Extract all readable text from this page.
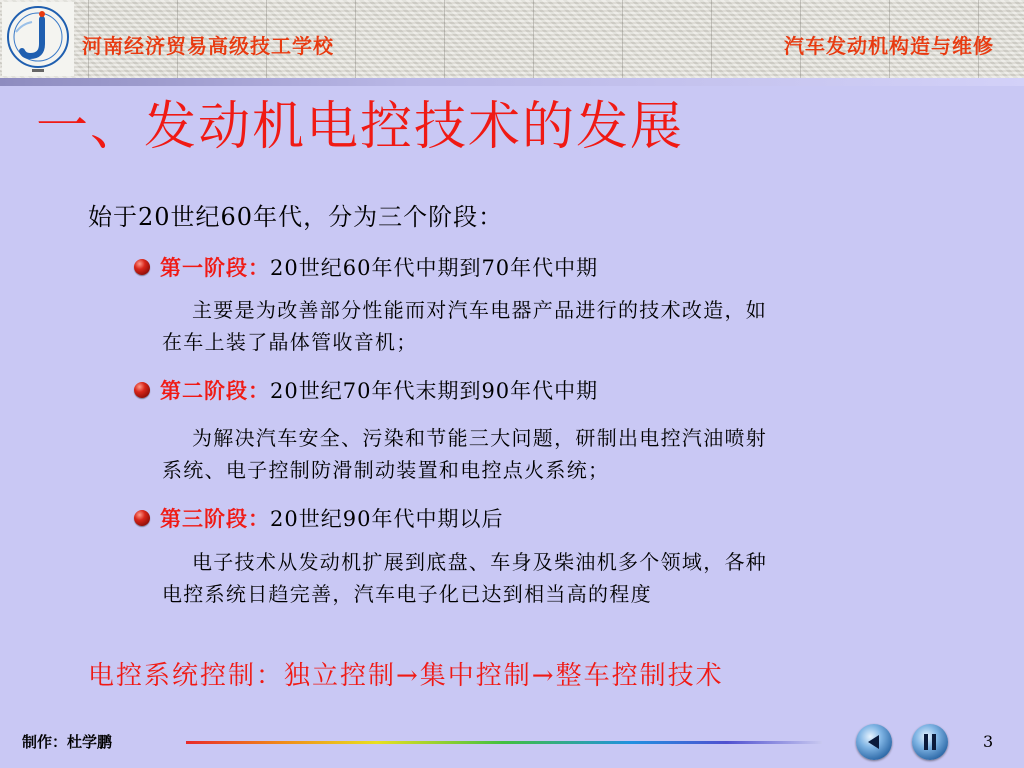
河南经济贸易高级技工学校	汽车发动机构造与维修
一、发动机电控技术的发展
始于20世纪60年代，分为三个阶段：
第一阶段： 20世纪60年代中期到70年代中期
主要是为改善部分性能而对汽车电器产品进行的技术改造，如
在车上装了晶体管收音机；
第二阶段： 20世纪70年代末期到90年代中期
为解决汽车安全、污染和节能三大问题，研制出电控汽油喷射
系统、电子控制防滑制动装置和电控点火系统；
第三阶段： 20世纪90年代中期以后
电子技术从发动机扩展到底盘、车身及柴油机多个领域，各种
电控系统日趋完善，汽车电子化已达到相当高的程度
电控系统控制：独立控制→集中控制→整车控制技术
制作：杜学鹏	3
